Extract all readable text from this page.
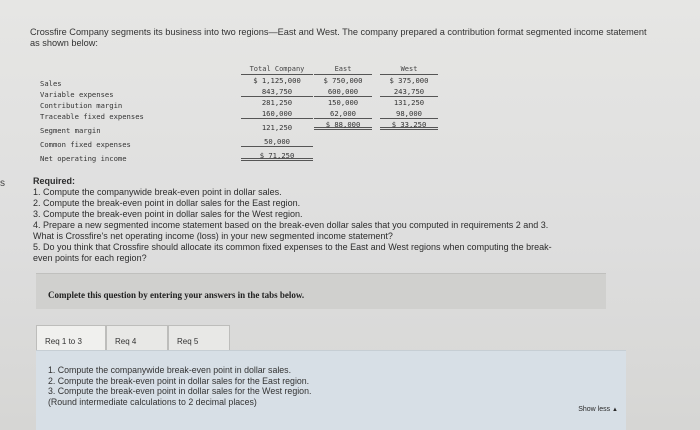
s
Crossfire Company segments its business into two regions—East and West. The company prepared a contribution format segmented income statement as shown below:
Sales
Variable expenses
Contribution margin
Traceable fixed expenses
Segment margin
Common fixed expenses
Net operating income
Total Company
$ 1,125,000
843,750
281,250
160,000
121,250
50,000
$ 71,250
East
$ 750,000
600,000
150,000
62,000
$ 88,000
West
$ 375,000
243,750
131,250
98,000
$ 33,250
Required:
1. Compute the companywide break-even point in dollar sales.
2. Compute the break-even point in dollar sales for the East region.
3. Compute the break-even point in dollar sales for the West region.
4. Prepare a new segmented income statement based on the break-even dollar sales that you computed in requirements 2 and 3.
What is Crossfire's net operating income (loss) in your new segmented income statement?
5. Do you think that Crossfire should allocate its common fixed expenses to the East and West regions when computing the break-
even points for each region?
Complete this question by entering your answers in the tabs below.
Req 1 to 3	Req 4	Req 5
1. Compute the companywide break-even point in dollar sales.
2. Compute the break-even point in dollar sales for the East region.
3. Compute the break-even point in dollar sales for the West region.
(Round intermediate calculations to 2 decimal places)
Show less ▲
